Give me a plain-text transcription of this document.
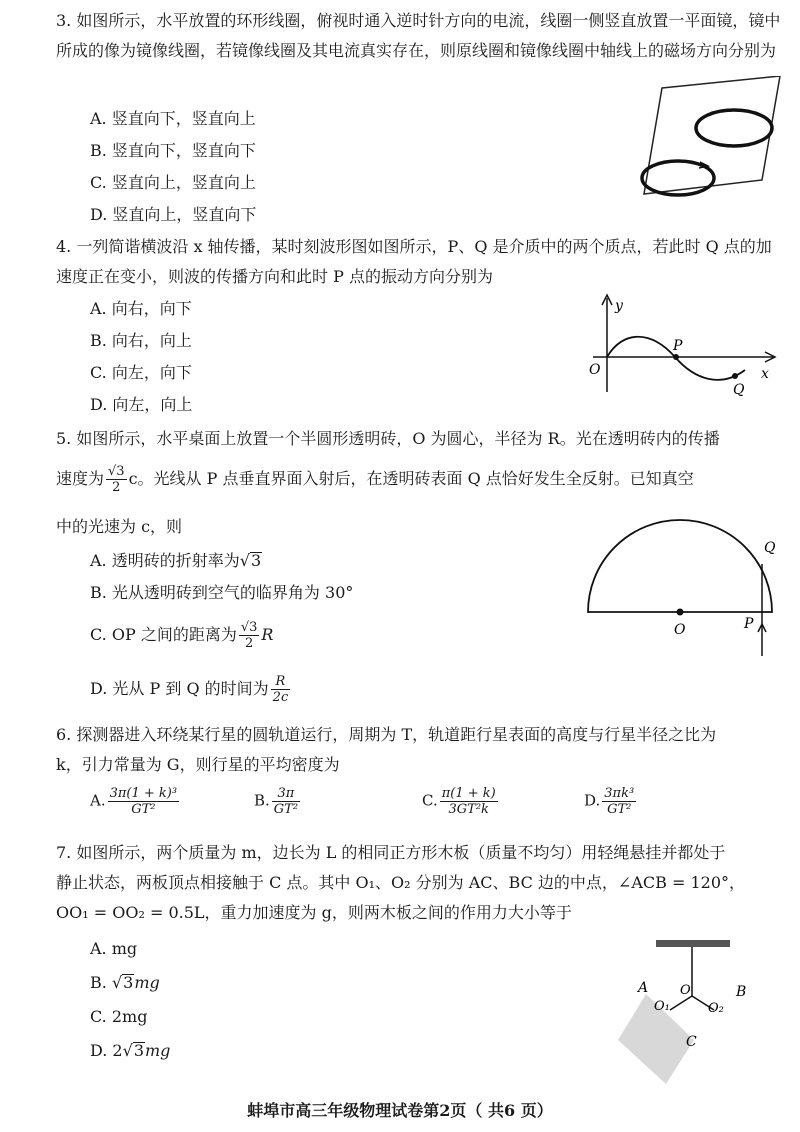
3. 如图所示，水平放置的环形线圈，俯视时通入逆时针方向的电流，线圈一侧竖直放置一平面镜，镜中所成的像为镜像线圈，若镜像线圈及其电流真实存在，则原线圈和镜像线圈中轴线上的磁场方向分别为
A. 竖直向下，竖直向上
B. 竖直向下，竖直向下
C. 竖直向上，竖直向上
D. 竖直向上，竖直向下
4. 一列简谐横波沿 x 轴传播，某时刻波形图如图所示，P、Q 是介质中的两个质点，若此时 Q 点的加速度正在变小，则波的传播方向和此时 P 点的振动方向分别为
A. 向右，向下
B. 向右，向上
C. 向左，向下
D. 向左，向上
y
x
O
P
Q
5. 如图所示，水平桌面上放置一个半圆形透明砖，O 为圆心，半径为 R。光在透明砖内的传播
速度为 $\frac{√3}{2}$ c。光线从 P 点垂直界面入射后，在透明砖表面 Q 点恰好发生全反射。已知真空
中的光速为 c，则
A. 透明砖的折射率为√3
B. 光从透明砖到空气的临界角为 30°
C. OP 之间的距离为 $\frac{√3}{2}$ R
D. 光从 P 到 Q 的时间为 $\frac{R}{2c}$
Q
O	P
6. 探测器进入环绕某行星的圆轨道运行，周期为 T，轨道距行星表面的高度与行星半径之比为
k，引力常量为 G，则行星的平均密度为
A. $\frac{\text{3π(1 + k)³}}{\text{GT²}}$	B. $\frac{3\pi}{\text{GT²}}$	C. $\frac{\pi(1 + k)}{\text{3GT²k}}$	D. $\frac{\text{3πk³}}{\text{GT²}}$
7. 如图所示，两个质量为 m，边长为 L 的相同正方形木板（质量不均匀）用轻绳悬挂并都处于
静止状态，两板顶点相接触于 C 点。其中 O₁、O₂ 分别为 AC、BC 边的中点，∠ACB = 120°，
OO₁ = OO₂ = 0.5L，重力加速度为 g，则两木板之间的作用力大小等于
A. mg
B. √3mg
C. 2mg
D. 2√3mg
A	B
C
O
O₁	O₂
蚌埠市高三年级物理试卷第2页（ 共6 页）
